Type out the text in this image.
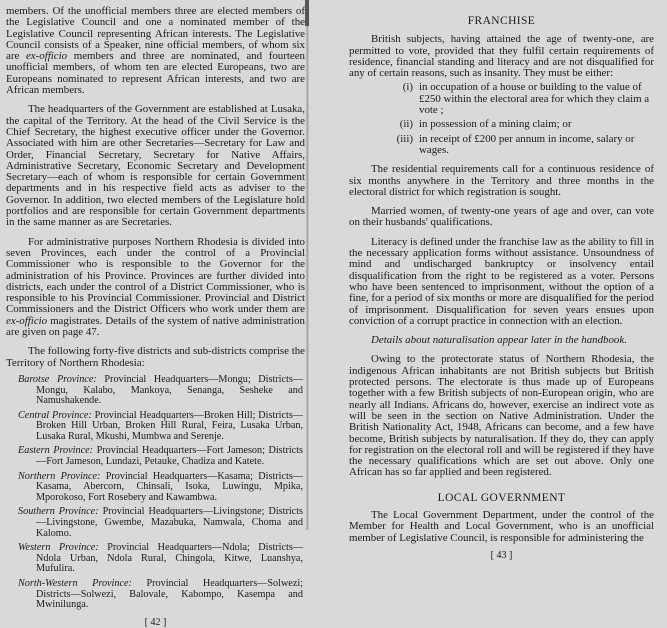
members. Of the unofficial members three are elected members of the Legislative Council and one a nominated member of the Legislative Council representing African interests. The Legislative Council consists of a Speaker, nine official members, of whom six are ex-officio members and three are nominated, and fourteen unofficial members, of whom ten are elected Europeans, two are Europeans nominated to represent African interests, and two are African members.

The headquarters of the Government are established at Lusaka, the capital of the Territory. At the head of the Civil Service is the Chief Secretary, the highest executive officer under the Governor. Associated with him are other Secretaries—Secretary for Law and Order, Financial Secretary, Secretary for Native Affairs, Administrative Secretary, Economic Secretary and Development Secretary—each of whom is responsible for certain Government departments and in his respective field acts as adviser to the Governor. In addition, two elected members of the Legislature hold portfolios and are responsible for certain Government departments in the same manner as are Secretaries.

For administrative purposes Northern Rhodesia is divided into seven Provinces, each under the control of a Provincial Commissioner who is responsible to the Governor for the administration of his Province. Provinces are further divided into districts, each under the control of a District Commissioner, who is responsible to his Provincial Commissioner. Provincial and District Commissioners and the District Officers who work under them are ex-officio magistrates. Details of the system of native administration are given on page 47.

The following forty-five districts and sub-districts comprise the Territory of Northern Rhodesia:

Barotse Province: Provincial Headquarters—Mongu; Districts—Mongu, Kalabo, Mankoya, Senanga, Sesheke and Namushakende.

Central Province: Provincial Headquarters—Broken Hill; Districts—Broken Hill Urban, Broken Hill Rural, Feira, Lusaka Urban, Lusaka Rural, Mkushi, Mumbwa and Serenje.

Eastern Province: Provincial Headquarters—Fort Jameson; Districts—Fort Jameson, Lundazi, Petauke, Chadiza and Katete.

Northern Province: Provincial Headquarters—Kasama; Districts—Kasama, Abercorn, Chinsali, Isoka, Luwingu, Mpika, Mporokoso, Fort Rosebery and Kawambwa.

Southern Province: Provincial Headquarters—Livingstone; Districts—Livingstone, Gwembe, Mazabuka, Namwala, Choma and Kalomo.

Western Province: Provincial Headquarters—Ndola; Districts—Ndola Urban, Ndola Rural, Chingola, Kitwe, Luanshya, Mufulira.

North-Western Province: Provincial Headquarters—Solwezi; Districts—Solwezi, Balovale, Kabompo, Kasempa and Mwinilunga.

[ 42 ]
FRANCHISE

British subjects, having attained the age of twenty-one, are permitted to vote, provided that they fulfil certain requirements of residence, financial standing and literacy and are not disqualified for any of certain reasons, such as insanity. They must be either:

(i) in occupation of a house or building to the value of £250 within the electoral area for which they claim a vote ;
(ii) in possession of a mining claim; or
(iii) in receipt of £200 per annum in income, salary or wages.

The residential requirements call for a continuous residence of six months anywhere in the Territory and three months in the electoral district for which registration is sought.

Married women, of twenty-one years of age and over, can vote on their husbands' qualifications.

Literacy is defined under the franchise law as the ability to fill in the necessary application forms without assistance. Unsoundness of mind and undischarged bankruptcy or insolvency entail disqualification from the right to be registered as a voter. Persons who have been sentenced to imprisonment, without the option of a fine, for a period of six months or more are disqualified for the period of imprisonment. Disqualification for seven years ensues upon conviction of a corrupt practice in connection with an election.

Details about naturalisation appear later in the handbook.

Owing to the protectorate status of Northern Rhodesia, the indigenous African inhabitants are not British subjects but British protected persons. The electorate is thus made up of Europeans together with a few British subjects of non-European origin, who are nearly all Indians. Africans do, however, exercise an indirect vote as will be seen in the section on Native Administration. Under the British Nationality Act, 1948, Africans can become, and a few have become, British subjects by naturalisation. If they do, they can apply for registration on the electoral roll and will be registered if they have the necessary qualifications which are set out above. Only one African has so far applied and been registered.

LOCAL GOVERNMENT

The Local Government Department, under the control of the Member for Health and Local Government, who is an unofficial member of Legislative Council, is responsible for administering the

[ 43 ]
